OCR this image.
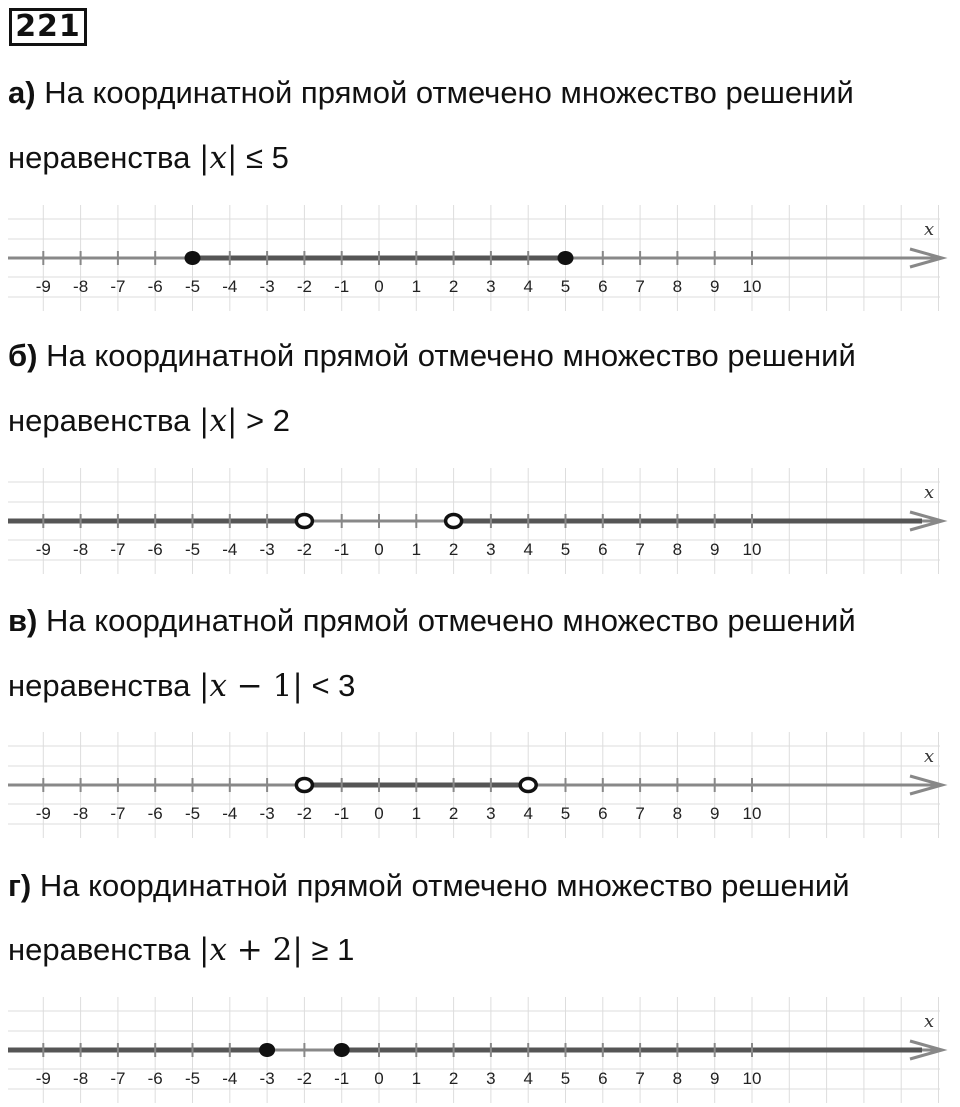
221
а) На координатной прямой отмечено множество решений
неравенства |x| ≤ 5
x
-9 -8 -7 -6 -5 -4 -3 -2 -1 0 1 2 3 4 5 6 7 8 9 10
б) На координатной прямой отмечено множество решений
неравенства |x| > 2
x
-9 -8 -7 -6 -5 -4 -3 -2 -1 0 1 2 3 4 5 6 7 8 9 10
в) На координатной прямой отмечено множество решений
неравенства |x − 1| < 3
x
-9 -8 -7 -6 -5 -4 -3 -2 -1 0 1 2 3 4 5 6 7 8 9 10
г) На координатной прямой отмечено множество решений
неравенства |x + 2| ≥ 1
x
-9 -8 -7 -6 -5 -4 -3 -2 -1 0 1 2 3 4 5 6 7 8 9 10
